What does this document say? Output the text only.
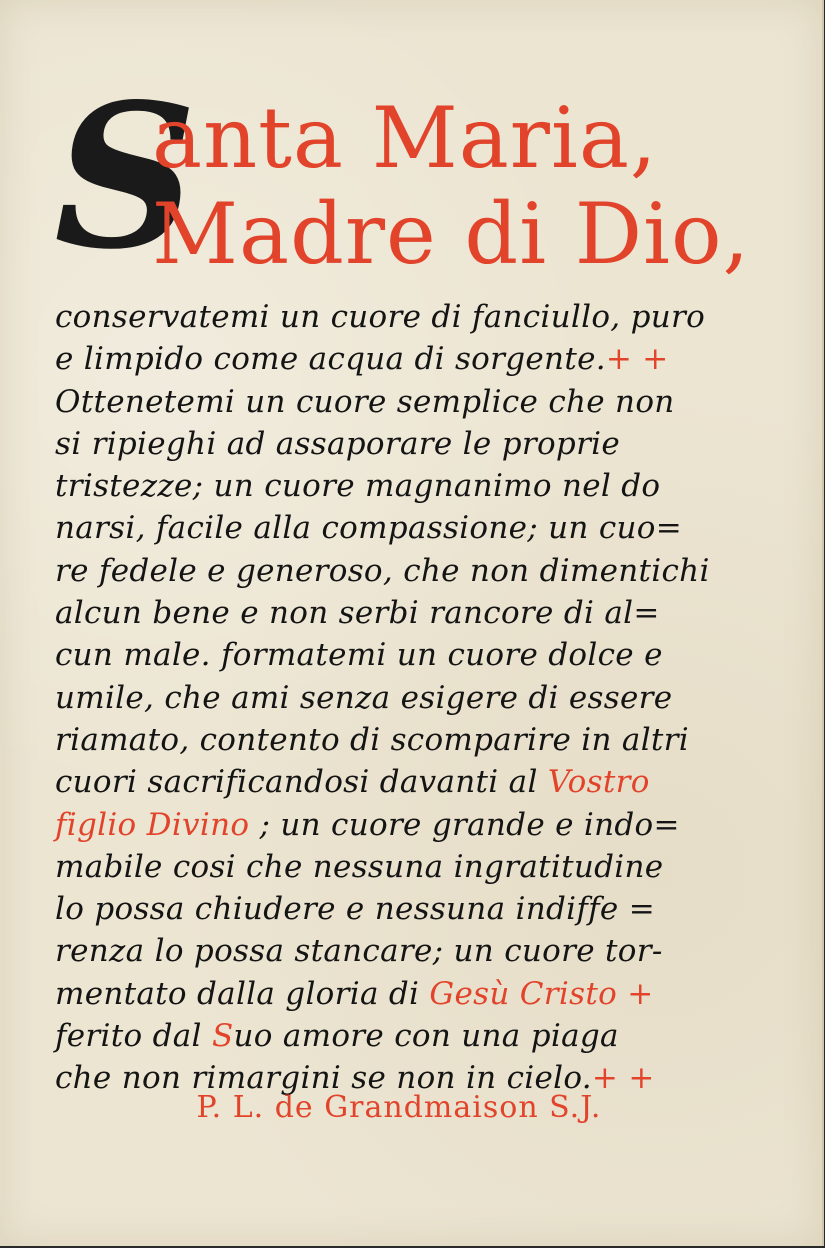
S
anta Maria,
Madre di Dio,
conservatemi un cuore di fanciullo, puro
e limpido come acqua di sorgente.+ +
Ottenetemi un cuore semplice che non
si ripieghi ad assaporare le proprie
tristezze; un cuore magnanimo nel do
narsi, facile alla compassione; un cuo=
re fedele e generoso, che non dimentichi
alcun bene e non serbi rancore di al=
cun male. formatemi un cuore dolce e
umile, che ami senza esigere di essere
riamato, contento di scomparire in altri
cuori sacrificandosi davanti al Vostro
figlio Divino ; un cuore grande e indo=
mabile cosi che nessuna ingratitudine
lo possa chiudere e nessuna indiffe =
renza lo possa stancare; un cuore tor-
mentato dalla gloria di Gesù Cristo +
ferito dal Suo amore con una piaga
che non rimargini se non in cielo.+ +
P. L. de Grandmaison S.J.
